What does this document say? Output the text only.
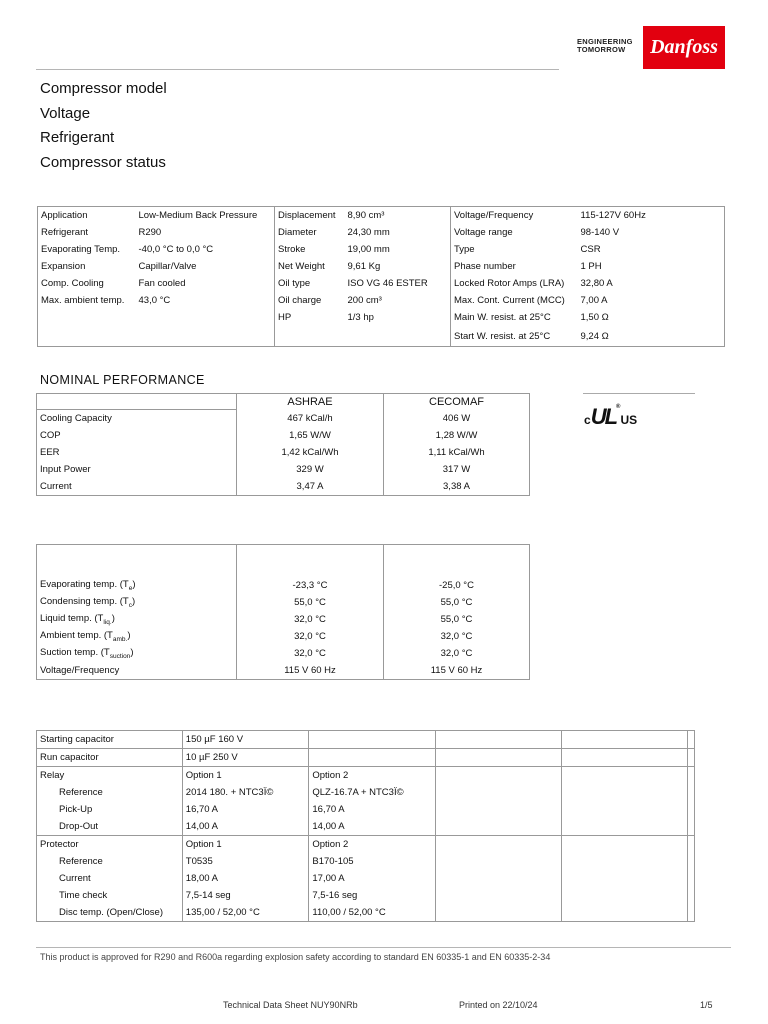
ENGINEERING
TOMORROW	Danfoss
Compressor model
Voltage
Refrigerant
Compressor status
Application	Low-Medium Back Pressure	Displacement	8,90 cm³	Voltage/Frequency	115-127V 60Hz
Refrigerant	R290	Diameter	24,30 mm	Voltage range	98-140 V
Evaporating Temp.	-40,0 °C to 0,0 °C	Stroke	19,00 mm	Type	CSR
Expansion	Capillar/Valve	Net Weight	9,61 Kg	Phase number	1 PH
Comp. Cooling	Fan cooled	Oil type	ISO VG 46 ESTER	Locked Rotor Amps (LRA)	32,80 A
Max. ambient temp.	43,0 °C	Oil charge	200 cm³	Max. Cont. Current (MCC)	7,00 A
		HP	1/3 hp	Main W. resist. at 25°C	1,50 Ω
				Start W. resist. at 25°C	9,24 Ω
NOMINAL PERFORMANCE
	ASHRAE	CECOMAF
Cooling Capacity	467 kCal/h	406 W
COP	1,65 W/W	1,28 W/W
EER	1,42 kCal/Wh	1,11 kCal/Wh
Input Power	329 W	317 W
Current	3,47 A	3,38 A
cUL®US

Evaporating temp. $(T_e)$	-23,3 °C	-25,0 °C
Condensing temp. $(T_c)$	55,0 °C	55,0 °C
Liquid temp. $(T_{liq.})$	32,0 °C	55,0 °C
Ambient temp. $(T_{amb.})$	32,0 °C	32,0 °C
Suction temp. $(T_{suction})$	32,0 °C	32,0 °C
Voltage/Frequency	115 V 60 Hz	115 V 60 Hz
Starting capacitor	150 µF 160 V				
Run capacitor	10 µF 250 V				
Relay	Option 1	Option 2			
Reference	2014 180. + NTC3Ï©	QLZ-16.7A + NTC3Ï©			
Pick-Up	16,70 A	16,70 A			
Drop-Out	14,00 A	14,00 A			
Protector	Option 1	Option 2			
Reference	T0535	B170-105			
Current	18,00 A	17,00 A			
Time check	7,5-14 seg	7,5-16 seg			
Disc temp. (Open/Close)	135,00 / 52,00 °C	110,00 / 52,00 °C			
This product is approved for R290 and R600a regarding explosion safety according to standard EN 60335-1 and EN 60335-2-34
Technical Data Sheet NUY90NRb	Printed on 22/10/24	1/5
